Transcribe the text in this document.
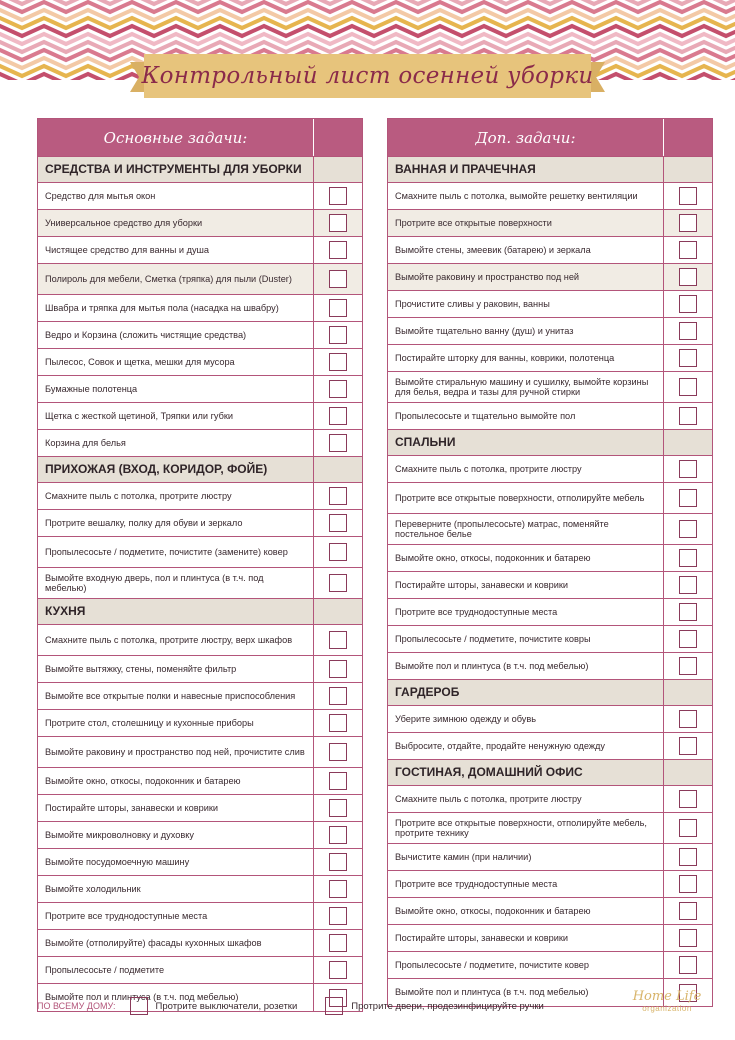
Контрольный лист осенней уборки
Основные задачи:
СРЕДСТВА И ИНСТРУМЕНТЫ ДЛЯ УБОРКИ
Средство для мытья окон
Универсальное средство для уборки
Чистящее средство для ванны и душа
Полироль для мебели, Сметка (тряпка) для пыли (Duster)
Швабра и тряпка для мытья пола (насадка на швабру)
Ведро и Корзина (сложить чистящие средства)
Пылесос, Совок и щетка, мешки для мусора
Бумажные полотенца
Щетка с жесткой щетиной, Тряпки или губки
Корзина для белья
ПРИХОЖАЯ (ВХОД, КОРИДОР, ФОЙЕ)
Смахните пыль с потолка, протрите люстру
Протрите вешалку, полку для обуви и зеркало
Пропылесосьте / подметите, почистите (замените) ковер
Вымойте входную дверь, пол и плинтуса (в т.ч. под мебелью)
КУХНЯ
Смахните пыль с потолка, протрите люстру, верх шкафов
Вымойте вытяжку, стены, поменяйте фильтр
Вымойте все открытые полки и навесные приспособления
Протрите стол, столешницу и кухонные приборы
Вымойте раковину и пространство под ней, прочистите слив
Вымойте окно, откосы, подоконник и батарею
Постирайте шторы, занавески и коврики
Вымойте микроволновку и духовку
Вымойте посудомоечную машину
Вымойте холодильник
Протрите все труднодоступные места
Вымойте (отполируйте) фасады кухонных шкафов
Пропылесосьте / подметите
Вымойте пол и плинтуса (в т.ч. под мебелью)
Доп. задачи:
ВАННАЯ И ПРАЧЕЧНАЯ
Смахните пыль с потолка, вымойте решетку вентиляции
Протрите все открытые поверхности
Вымойте стены, змеевик (батарею) и зеркала
Вымойте раковину и пространство под ней
Прочистите сливы у раковин, ванны
Вымойте тщательно ванну (душ) и унитаз
Постирайте шторку для ванны, коврики, полотенца
Вымойте стиральную машину и сушилку, вымойте корзины для белья, ведра и тазы для ручной стирки
Пропылесосьте и тщательно вымойте пол
СПАЛЬНИ
Смахните пыль с потолка, протрите люстру
Протрите все открытые поверхности, отполируйте мебель
Переверните (пропылесосьте) матрас, поменяйте постельное белье
Вымойте окно, откосы, подоконник и батарею
Постирайте шторы, занавески и коврики
Протрите все труднодоступные места
Пропылесосьте / подметите, почистите ковры
Вымойте пол и плинтуса (в т.ч. под мебелью)
ГАРДЕРОБ
Уберите зимнюю одежду и обувь
Выбросите, отдайте, продайте ненужную одежду
ГОСТИНАЯ, ДОМАШНИЙ ОФИС
Смахните пыль с потолка, протрите люстру
Протрите все открытые поверхности, отполируйте мебель, протрите технику
Вычистите камин (при наличии)
Протрите все труднодоступные места
Вымойте окно, откосы, подоконник и батарею
Постирайте шторы, занавески и коврики
Пропылесосьте / подметите, почистите ковер
Вымойте пол и плинтуса (в т.ч. под мебелью)
ПО ВСЕМУ ДОМУ:	Протрите выключатели, розетки	Протрите двери, продезинфицируйте ручки
Home Life
organization
